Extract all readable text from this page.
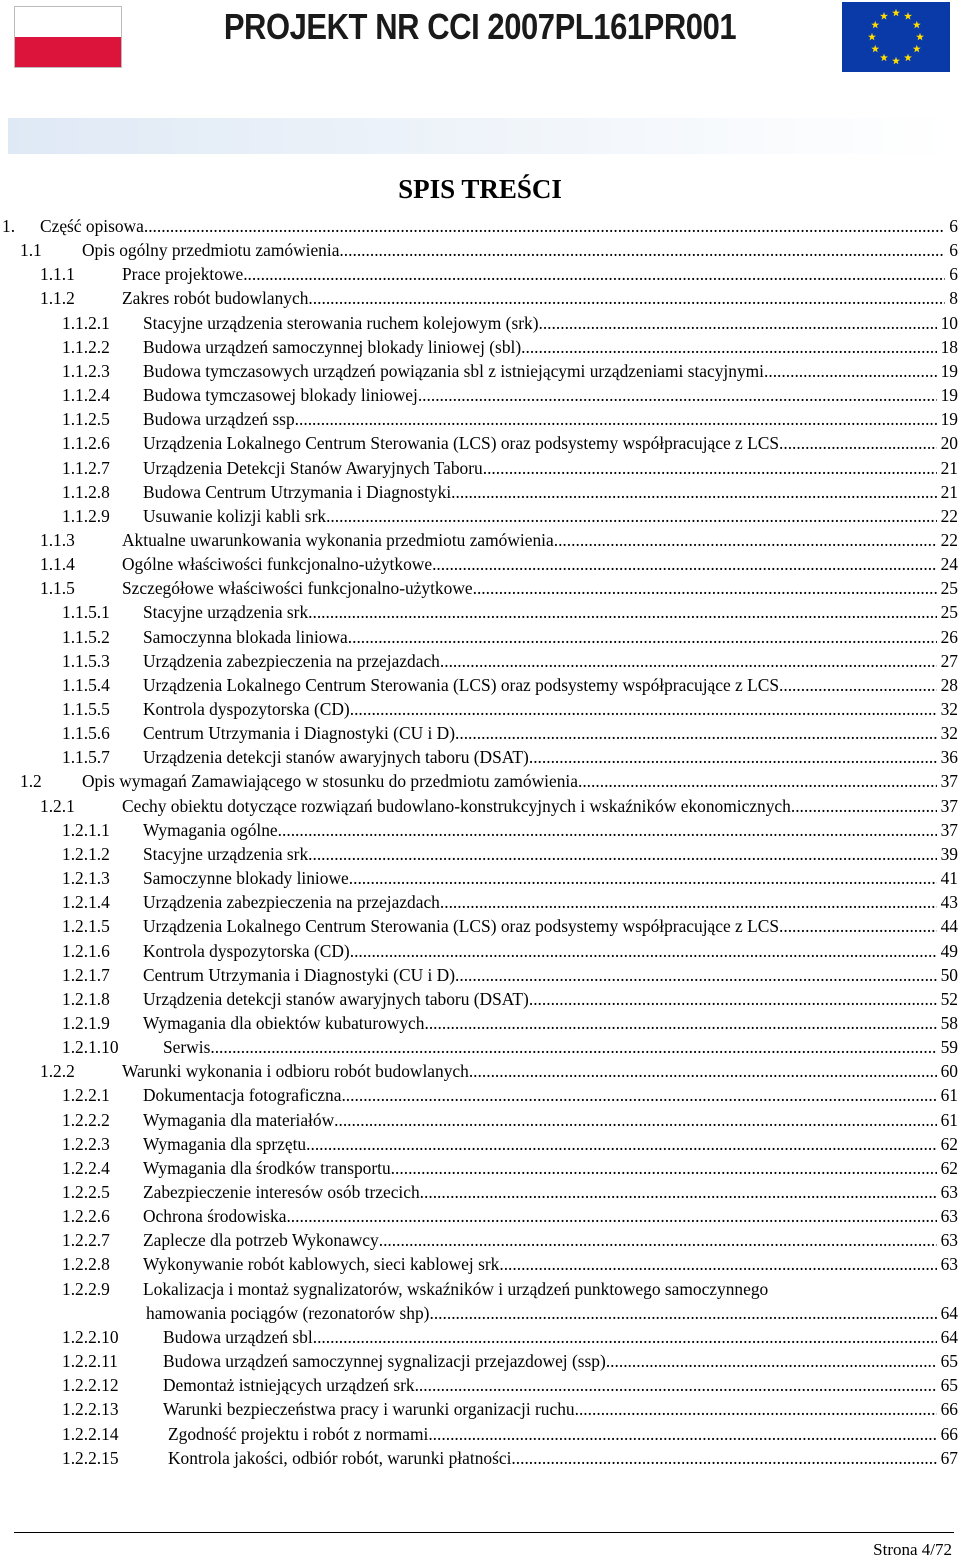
PROJEKT NR CCI 2007PL161PR001
SPIS TREŚCI
1. Część opisowa .....	6
1.1 Opis ogólny przedmiotu zamówienia .....	6
1.1.1	Prace projektowe .....	6
1.1.2	Zakres robót budowlanych .....	8
1.1.2.1 Stacyjne urządzenia sterowania ruchem kolejowym (srk) .....	10
1.1.2.2 Budowa urządzeń samoczynnej blokady liniowej (sbl) .....	18
1.1.2.3 Budowa tymczasowych urządzeń powiązania sbl z istniejącymi urządzeniami stacyjnymi .....	19
1.1.2.4 Budowa tymczasowej blokady liniowej .....	19
1.1.2.5 Budowa urządzeń ssp .....	19
1.1.2.6 Urządzenia Lokalnego Centrum Sterowania (LCS) oraz podsystemy współpracujące z LCS .....	20
1.1.2.7 Urządzenia Detekcji Stanów Awaryjnych Taboru .....	21
1.1.2.8 Budowa Centrum Utrzymania i Diagnostyki .....	21
1.1.2.9 Usuwanie kolizji kabli srk .....	22
1.1.3	Aktualne uwarunkowania wykonania przedmiotu zamówienia .....	22
1.1.4	Ogólne właściwości funkcjonalno-użytkowe .....	24
1.1.5	Szczegółowe właściwości funkcjonalno-użytkowe .....	25
1.1.5.1 Stacyjne urządzenia srk .....	25
1.1.5.2 Samoczynna blokada liniowa .....	26
1.1.5.3 Urządzenia zabezpieczenia na przejazdach .....	27
1.1.5.4 Urządzenia Lokalnego Centrum Sterowania (LCS) oraz podsystemy współpracujące z LCS .....	28
1.1.5.5 Kontrola dyspozytorska (CD) .....	32
1.1.5.6 Centrum Utrzymania i Diagnostyki (CU i D) .....	32
1.1.5.7 Urządzenia detekcji stanów awaryjnych taboru (DSAT) .....	36
1.2 Opis wymagań Zamawiającego w stosunku do przedmiotu zamówienia .....	37
1.2.1	Cechy obiektu dotyczące rozwiązań budowlano-konstrukcyjnych i wskaźników ekonomicznych .....	37
1.2.1.1 Wymagania ogólne .....	37
1.2.1.2 Stacyjne urządzenia srk .....	39
1.2.1.3 Samoczynne blokady liniowe .....	41
1.2.1.4 Urządzenia zabezpieczenia na przejazdach .....	43
1.2.1.5 Urządzenia Lokalnego Centrum Sterowania (LCS) oraz podsystemy współpracujące z LCS .....	44
1.2.1.6 Kontrola dyspozytorska (CD) .....	49
1.2.1.7 Centrum Utrzymania i Diagnostyki (CU i D) .....	50
1.2.1.8 Urządzenia detekcji stanów awaryjnych taboru (DSAT) .....	52
1.2.1.9 Wymagania dla obiektów kubaturowych .....	58
1.2.1.10	Serwis .....	59
1.2.2	Warunki wykonania i odbioru robót budowlanych .....	60
1.2.2.1 Dokumentacja fotograficzna .....	61
1.2.2.2 Wymagania dla materiałów .....	61
1.2.2.3 Wymagania dla sprzętu .....	62
1.2.2.4 Wymagania dla środków transportu .....	62
1.2.2.5 Zabezpieczenie interesów osób trzecich .....	63
1.2.2.6 Ochrona środowiska .....	63
1.2.2.7 Zaplecze dla potrzeb Wykonawcy .....	63
1.2.2.8 Wykonywanie robót kablowych, sieci kablowej srk .....	63
1.2.2.9 Lokalizacja i montaż sygnalizatorów, wskaźników i urządzeń punktowego samoczynnego
hamowania pociągów (rezonatorów shp) .....	64
1.2.2.10	Budowa urządzeń sbl .....	64
1.2.2.11	Budowa urządzeń samoczynnej sygnalizacji przejazdowej (ssp) .....	65
1.2.2.12	Demontaż istniejących urządzeń srk .....	65
1.2.2.13	Warunki bezpieczeństwa pracy i warunki organizacji ruchu .....	66
1.2.2.14	Zgodność projektu i robót z normami .....	66
1.2.2.15	Kontrola jakości, odbiór robót, warunki płatności .....	67
Strona 4/72
